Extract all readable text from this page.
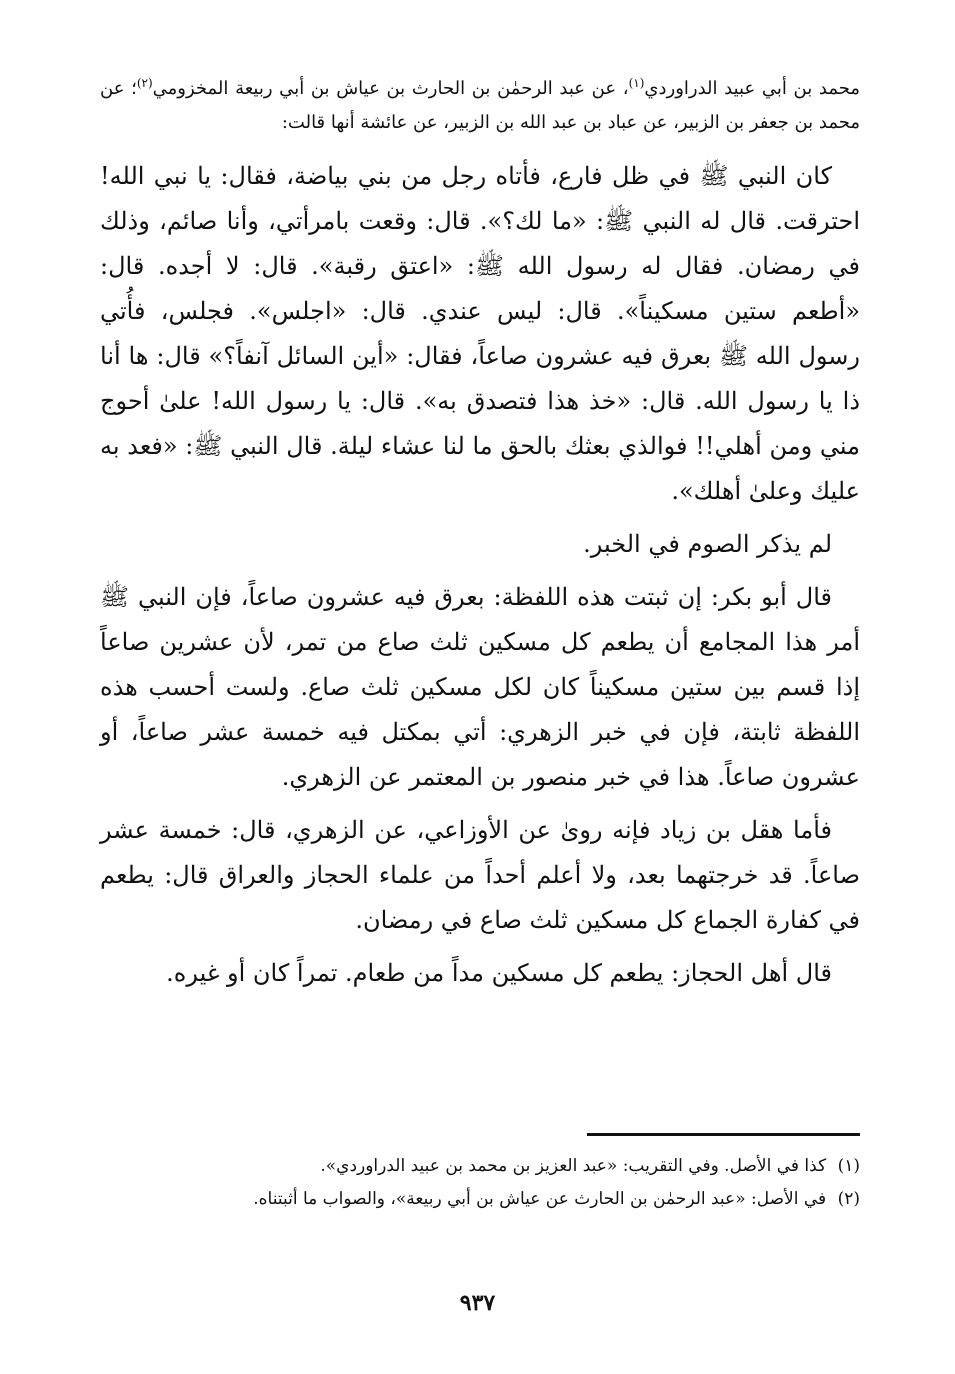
محمد بن أبي عبيد الدراوردي$^{(١)}$، عن عبد الرحمٰن بن الحارث بن عياش بن أبي ربيعة المخزومي$^{(٢)}$؛ عن محمد بن جعفر بن الزبير، عن عباد بن عبد الله بن الزبير، عن عائشة أنها قالت:

كان النبي ﷺ في ظل فارع، فأتاه رجل من بني بياضة، فقال: يا نبي الله! احترقت. قال له النبي ﷺ: «ما لك؟». قال: وقعت بامرأتي، وأنا صائم، وذلك في رمضان. فقال له رسول الله ﷺ: «اعتق رقبة». قال: لا أجده. قال: «أطعم ستين مسكيناً». قال: ليس عندي. قال: «اجلس». فجلس، فأُتي رسول الله ﷺ بعرق فيه عشرون صاعاً، فقال: «أين السائل آنفاً؟» قال: ها أنا ذا يا رسول الله. قال: «خذ هذا فتصدق به». قال: يا رسول الله! علىٰ أحوج مني ومن أهلي!! فوالذي بعثك بالحق ما لنا عشاء ليلة. قال النبي ﷺ: «فعد به عليك وعلىٰ أهلك».

لم يذكر الصوم في الخبر.

قال أبو بكر: إن ثبتت هذه اللفظة: بعرق فيه عشرون صاعاً، فإن النبي ﷺ أمر هذا المجامع أن يطعم كل مسكين ثلث صاع من تمر، لأن عشرين صاعاً إذا قسم بين ستين مسكيناً كان لكل مسكين ثلث صاع. ولست أحسب هذه اللفظة ثابتة، فإن في خبر الزهري: أتي بمكتل فيه خمسة عشر صاعاً، أو عشرون صاعاً. هذا في خبر منصور بن المعتمر عن الزهري.

فأما هقل بن زياد فإنه روىٰ عن الأوزاعي، عن الزهري، قال: خمسة عشر صاعاً. قد خرجتهما بعد، ولا أعلم أحداً من علماء الحجاز والعراق قال: يطعم في كفارة الجماع كل مسكين ثلث صاع في رمضان.

قال أهل الحجاز: يطعم كل مسكين مداً من طعام. تمراً كان أو غيره.

(١) كذا في الأصل. وفي التقريب: «عبد العزيز بن محمد بن عبيد الدراوردي».

(٢) في الأصل: «عبد الرحمٰن بن الحارث عن عياش بن أبي ربيعة»، والصواب ما أثبتناه.

٩٣٧
